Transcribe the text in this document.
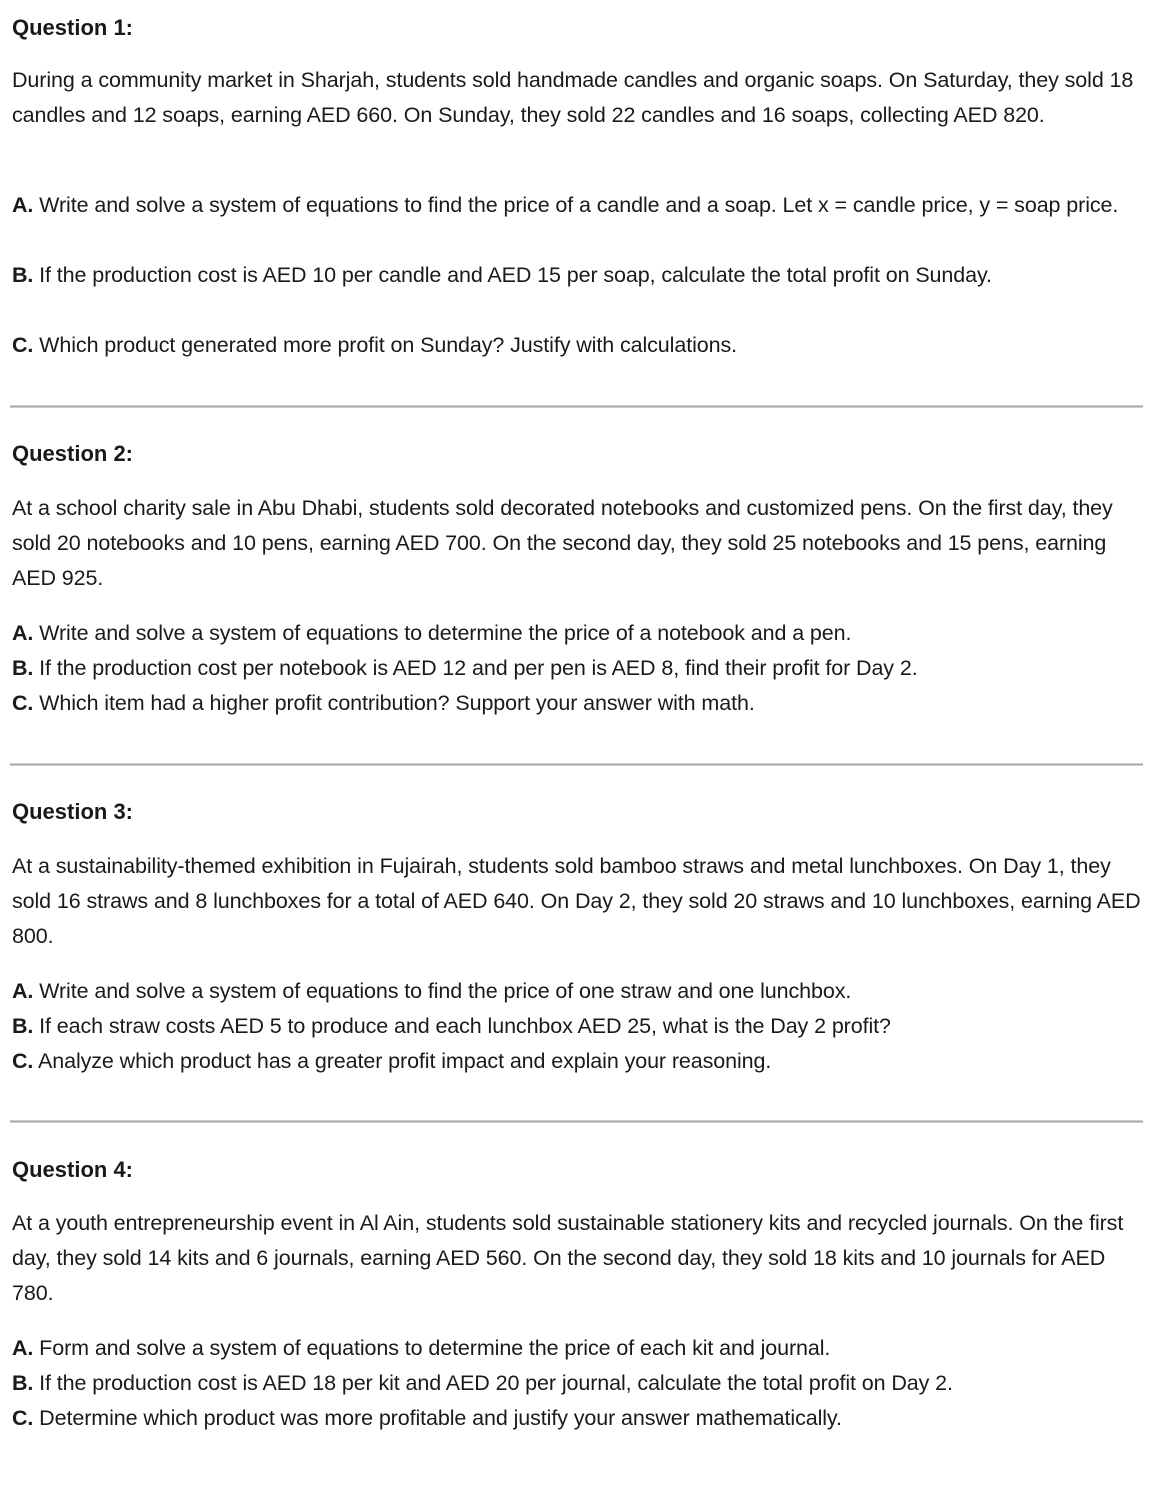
Question 1:

During a community market in Sharjah, students sold handmade candles and organic soaps. On Saturday, they sold 18 candles and 12 soaps, earning AED 660. On Sunday, they sold 22 candles and 16 soaps, collecting AED 820.

A. Write and solve a system of equations to find the price of a candle and a soap. Let x = candle price, y = soap price.

B. If the production cost is AED 10 per candle and AED 15 per soap, calculate the total profit on Sunday.

C. Which product generated more profit on Sunday? Justify with calculations.

Question 2:

At a school charity sale in Abu Dhabi, students sold decorated notebooks and customized pens. On the first day, they sold 20 notebooks and 10 pens, earning AED 700. On the second day, they sold 25 notebooks and 15 pens, earning AED 925.

A. Write and solve a system of equations to determine the price of a notebook and a pen.

B. If the production cost per notebook is AED 12 and per pen is AED 8, find their profit for Day 2.

C. Which item had a higher profit contribution? Support your answer with math.

Question 3:

At a sustainability-themed exhibition in Fujairah, students sold bamboo straws and metal lunchboxes. On Day 1, they sold 16 straws and 8 lunchboxes for a total of AED 640. On Day 2, they sold 20 straws and 10 lunchboxes, earning AED 800.

A. Write and solve a system of equations to find the price of one straw and one lunchbox.

B. If each straw costs AED 5 to produce and each lunchbox AED 25, what is the Day 2 profit?

C. Analyze which product has a greater profit impact and explain your reasoning.

Question 4:

At a youth entrepreneurship event in Al Ain, students sold sustainable stationery kits and recycled journals. On the first day, they sold 14 kits and 6 journals, earning AED 560. On the second day, they sold 18 kits and 10 journals for AED 780.

A. Form and solve a system of equations to determine the price of each kit and journal.

B. If the production cost is AED 18 per kit and AED 20 per journal, calculate the total profit on Day 2.

C. Determine which product was more profitable and justify your answer mathematically.
